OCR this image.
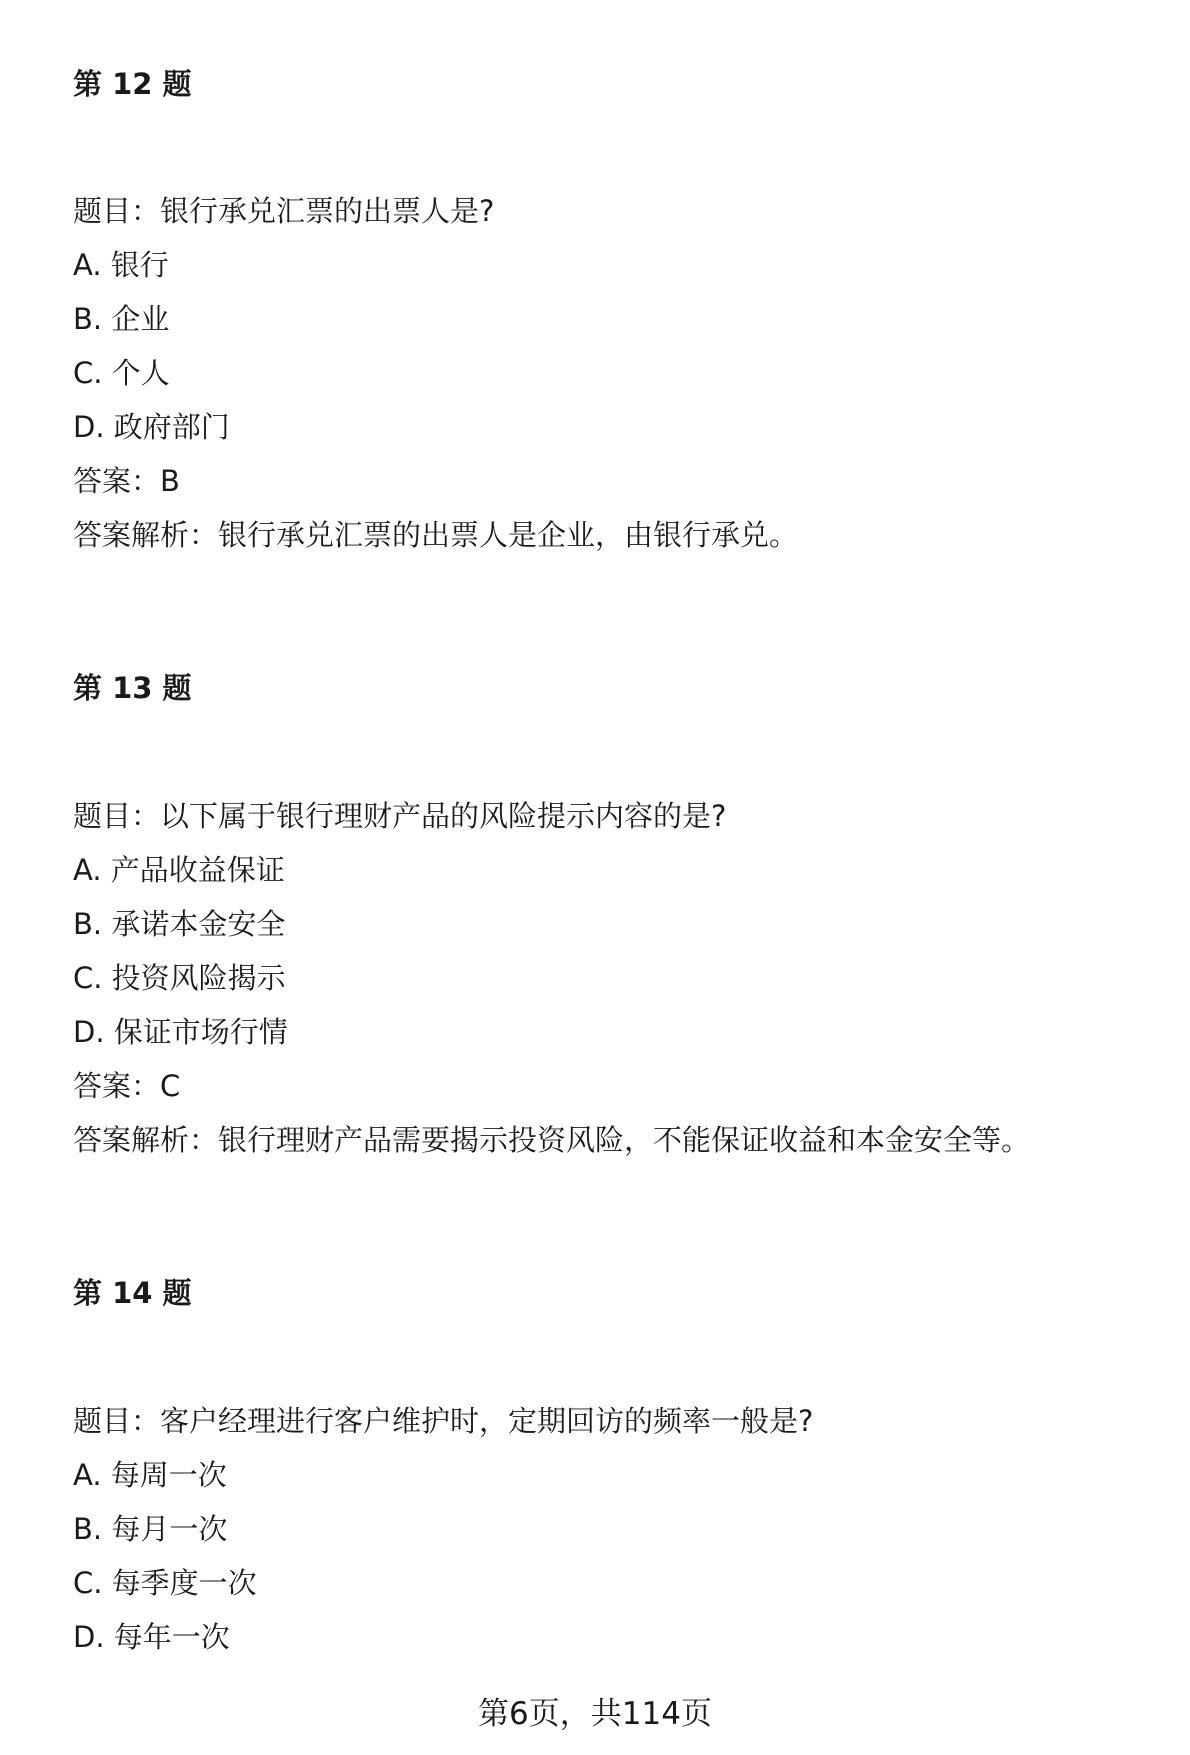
第 12 题
题目：银行承兑汇票的出票人是?
A. 银行
B. 企业
C. 个人
D. 政府部门
答案：B
答案解析：银行承兑汇票的出票人是企业，由银行承兑。
第 13 题
题目：以下属于银行理财产品的风险提示内容的是?
A. 产品收益保证
B. 承诺本金安全
C. 投资风险揭示
D. 保证市场行情
答案：C
答案解析：银行理财产品需要揭示投资风险，不能保证收益和本金安全等。
第 14 题
题目：客户经理进行客户维护时，定期回访的频率一般是?
A. 每周一次
B. 每月一次
C. 每季度一次
D. 每年一次
第6页，共114页
